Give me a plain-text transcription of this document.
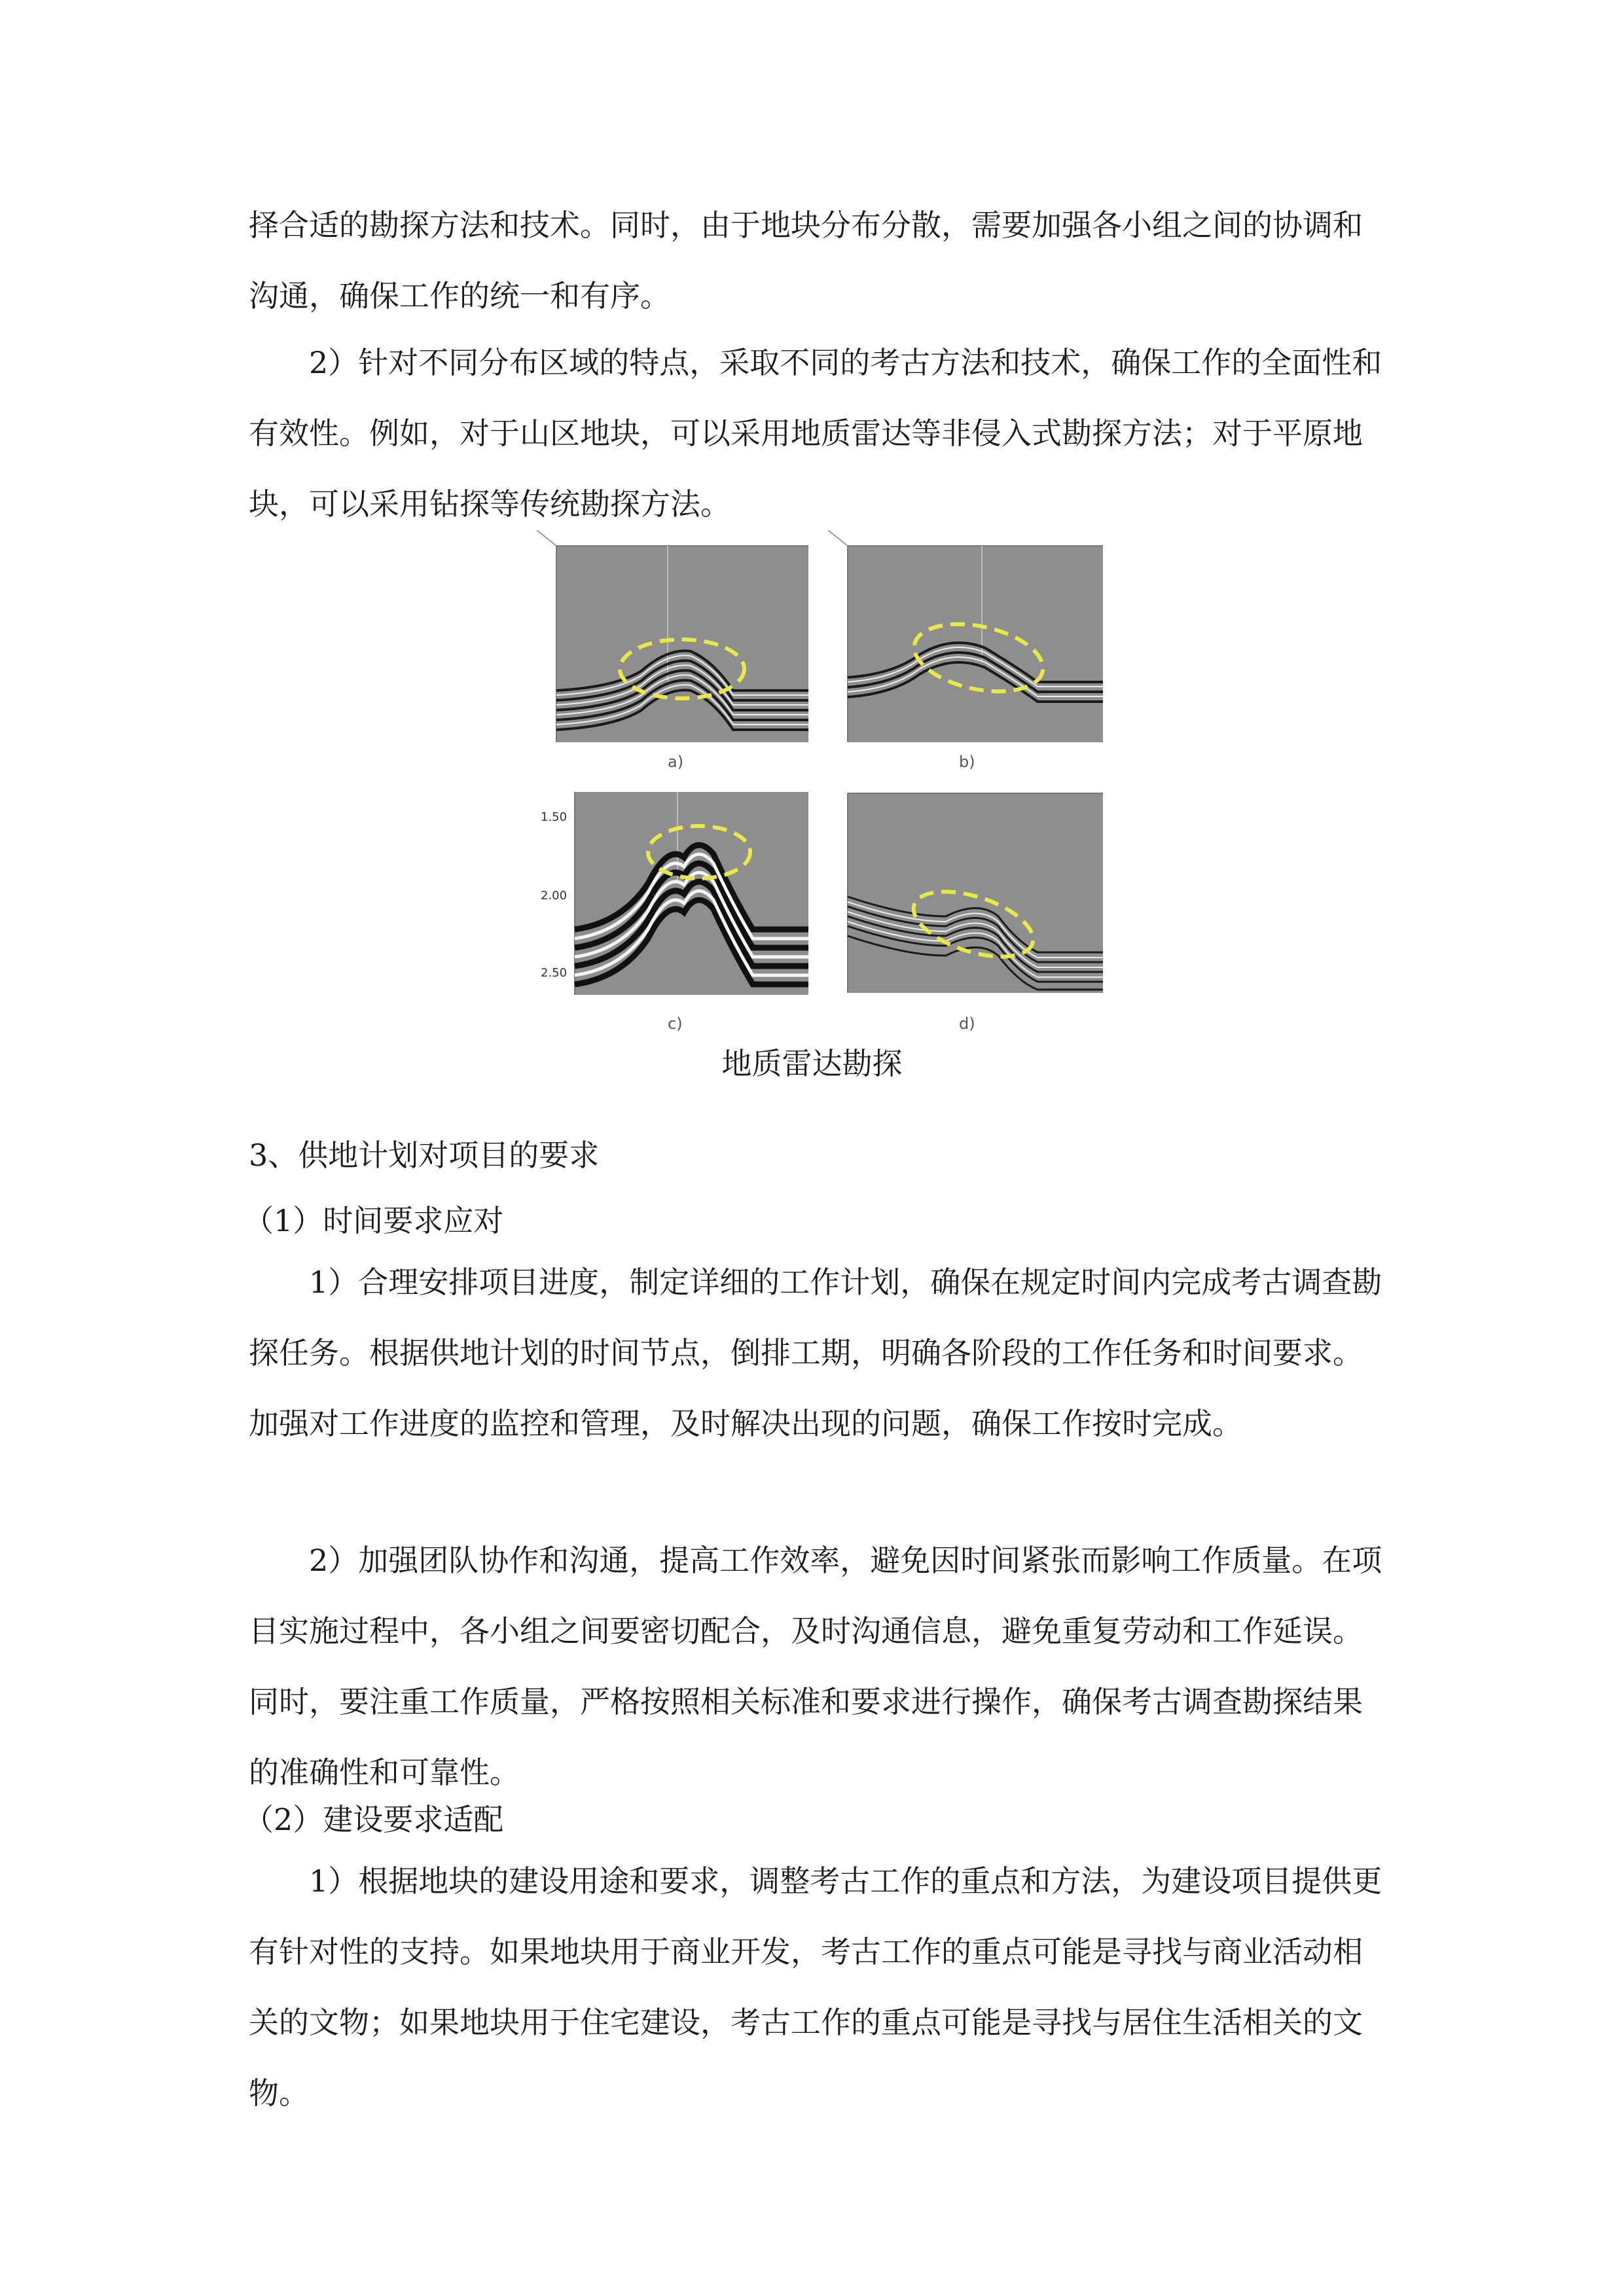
择合适的勘探方法和技术。同时，由于地块分布分散，需要加强各小组之间的协调和沟通，确保工作的统一和有序。

2）针对不同分布区域的特点，采取不同的考古方法和技术，确保工作的全面性和有效性。例如，对于山区地块，可以采用地质雷达等非侵入式勘探方法；对于平原地块，可以采用钻探等传统勘探方法。

a)	b)
1.50
2.00
2.50
c)	d)
地质雷达勘探
3、供地计划对项目的要求
（1）时间要求应对

1）合理安排项目进度，制定详细的工作计划，确保在规定时间内完成考古调查勘探任务。根据供地计划的时间节点，倒排工期，明确各阶段的工作任务和时间要求。加强对工作进度的监控和管理，及时解决出现的问题，确保工作按时完成。

2）加强团队协作和沟通，提高工作效率，避免因时间紧张而影响工作质量。在项目实施过程中，各小组之间要密切配合，及时沟通信息，避免重复劳动和工作延误。同时，要注重工作质量，严格按照相关标准和要求进行操作，确保考古调查勘探结果的准确性和可靠性。

（2）建设要求适配

1）根据地块的建设用途和要求，调整考古工作的重点和方法，为建设项目提供更有针对性的支持。如果地块用于商业开发，考古工作的重点可能是寻找与商业活动相关的文物；如果地块用于住宅建设，考古工作的重点可能是寻找与居住生活相关的文物。
